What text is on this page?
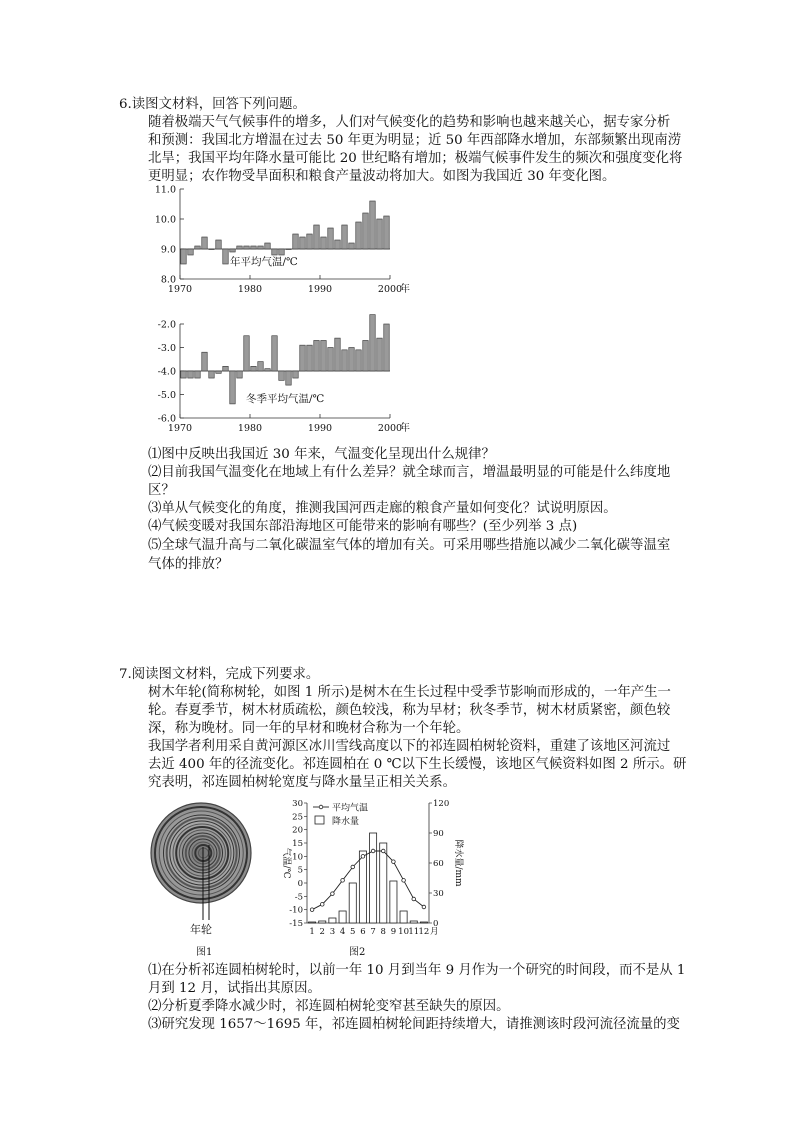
6.读图文材料，回答下列问题。
随着极端天气气候事件的增多，人们对气候变化的趋势和影响也越来越关心，据专家分析
和预测：我国北方增温在过去 50 年更为明显；近 50 年西部降水增加，东部频繁出现南涝
北旱；我国平均年降水量可能比 20 世纪略有增加；极端气候事件发生的频次和强度变化将
更明显；农作物受旱面积和粮食产量波动将加大。如图为我国近 30 年变化图。
8.0
9.0
10.0
11.0
1970	1980	1990	2000
年
年平均气温/℃
-2.0
-3.0
-4.0
-5.0
-6.0
1970	1980	1990	2000
年
冬季平均气温/℃
⑴图中反映出我国近 30 年来，气温变化呈现出什么规律？
⑵目前我国气温变化在地域上有什么差异？就全球而言，增温最明显的可能是什么纬度地
区？
⑶单从气候变化的角度，推测我国河西走廊的粮食产量如何变化？试说明原因。
⑷气候变暖对我国东部沿海地区可能带来的影响有哪些？(至少列举 3 点)
⑸全球气温升高与二氧化碳温室气体的增加有关。可采用哪些措施以减少二氧化碳等温室
气体的排放？
7.阅读图文材料，完成下列要求。
树木年轮(简称树轮，如图 1 所示)是树木在生长过程中受季节影响而形成的，一年产生一
轮。春夏季节，树木材质疏松，颜色较浅，称为早材；秋冬季节，树木材质紧密，颜色较
深，称为晚材。同一年的早材和晚材合称为一个年轮。
我国学者利用采自黄河源区冰川雪线高度以下的祁连圆柏树轮资料，重建了该地区河流过
去近 400 年的径流变化。祁连圆柏在 0 ℃以下生长缓慢，该地区气候资料如图 2 所示。研
究表明，祁连圆柏树轮宽度与降水量呈正相关关系。
年轮
图1
30
25
20
15
10
5
0
-5
-10
-15
120
90
60
30
0
气温/℃	降水量/mm
1 2 3 4 5 6 7 8 9 10 11 12 月
平均气温
降水量
图2
⑴在分析祁连圆柏树轮时，以前一年 10 月到当年 9 月作为一个研究的时间段，而不是从 1
月到 12 月，试指出其原因。
⑵分析夏季降水减少时，祁连圆柏树轮变窄甚至缺失的原因。
⑶研究发现 1657～1695 年，祁连圆柏树轮间距持续增大，请推测该时段河流径流量的变
